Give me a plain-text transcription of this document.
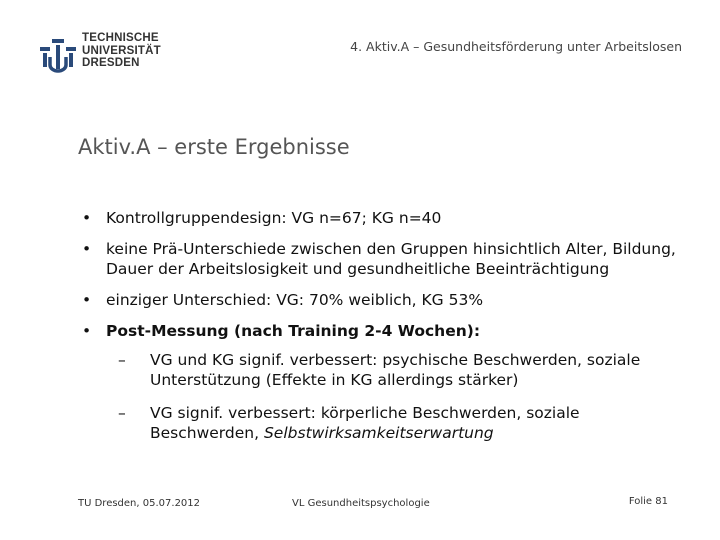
TECHNISCHE
UNIVERSITÄT
DRESDEN
4. Aktiv.A – Gesundheitsförderung unter Arbeitslosen
Aktiv.A – erste Ergebnisse
• Kontrollgruppendesign: VG n=67; KG n=40
• keine Prä-Unterschiede zwischen den Gruppen hinsichtlich Alter, Bildung, Dauer der Arbeitslosigkeit und gesundheitliche Beeinträchtigung
• einziger Unterschied: VG: 70% weiblich, KG 53%
• Post-Messung (nach Training 2-4 Wochen):
– VG und KG signif. verbessert: psychische Beschwerden, soziale Unterstützung (Effekte in KG allerdings stärker)
– VG signif. verbessert: körperliche Beschwerden, soziale Beschwerden, Selbstwirksamkeitserwartung
TU Dresden, 05.07.2012	VL Gesundheitspsychologie	Folie 81
